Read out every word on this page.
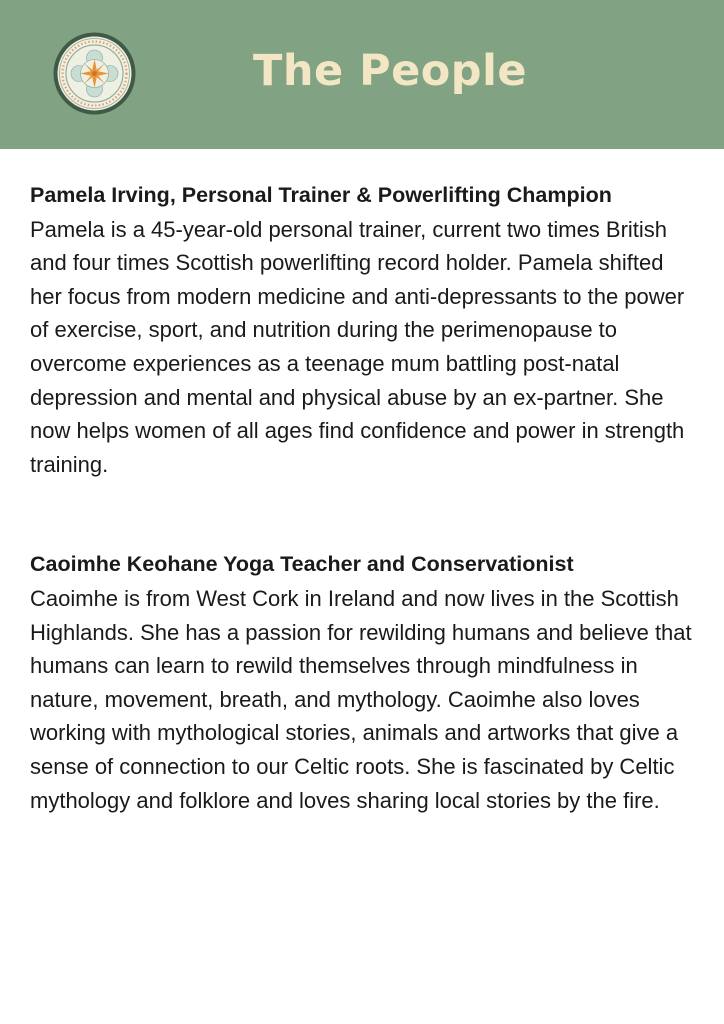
The People

Pamela Irving, Personal Trainer & Powerlifting Champion

Pamela is a 45-year-old personal trainer, current two times British and four times Scottish powerlifting record holder. Pamela shifted her focus from modern medicine and anti-depressants to the power of exercise, sport, and nutrition during the perimenopause to overcome experiences as a teenage mum battling post-natal depression and mental and physical abuse by an ex-partner. She now helps women of all ages find confidence and power in strength training.

Caoimhe Keohane Yoga Teacher and Conservationist

Caoimhe is from West Cork in Ireland and now lives in the Scottish Highlands. She has a passion for rewilding humans and believe that humans can learn to rewild themselves through mindfulness in nature, movement, breath, and mythology. Caoimhe also loves working with mythological stories, animals and artworks that give a sense of connection to our Celtic roots. She is fascinated by Celtic mythology and folklore and loves sharing local stories by the fire.
